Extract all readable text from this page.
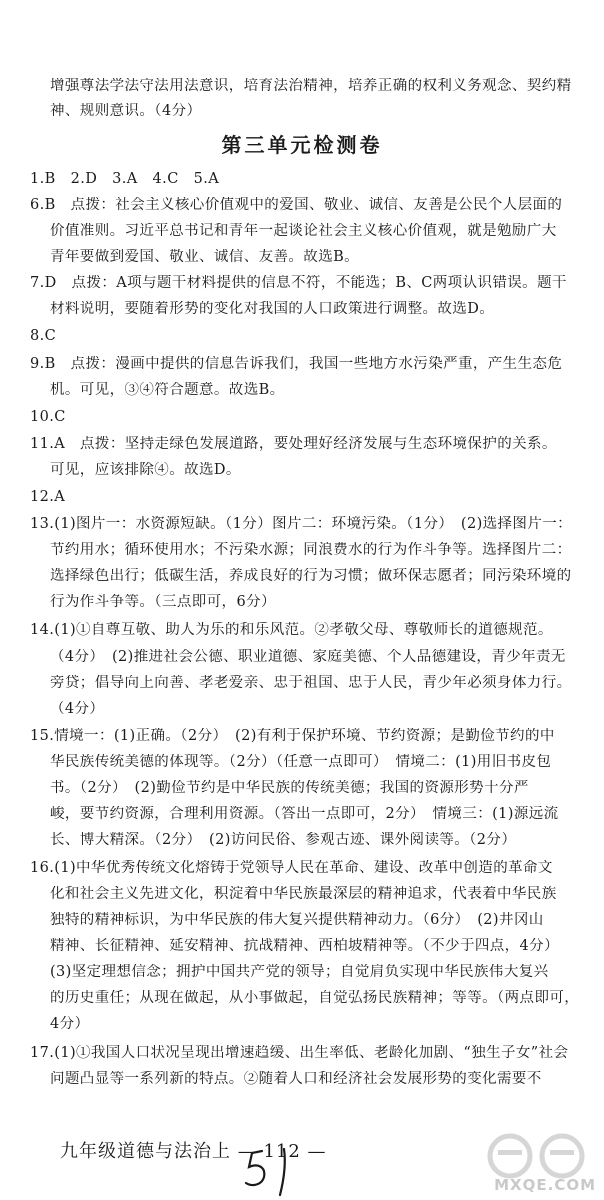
第三单元检测卷
增强尊法学法守法用法意识，培育法治精神，培养正确的权利义务观念、契约精
神、规则意识。（4分）
1.B　2.D　3.A　4.C　5.A
6.B　点拨：社会主义核心价值观中的爱国、敬业、诚信、友善是公民个人层面的
价值准则。习近平总书记和青年一起谈论社会主义核心价值观，就是勉励广大
青年要做到爱国、敬业、诚信、友善。故选B。
7.D　点拨：A项与题干材料提供的信息不符，不能选；B、C两项认识错误。题干
材料说明，要随着形势的变化对我国的人口政策进行调整。故选D。
8.C
9.B　点拨：漫画中提供的信息告诉我们，我国一些地方水污染严重，产生生态危
机。可见，③④符合题意。故选B。
10.C
11.A　点拨：坚持走绿色发展道路，要处理好经济发展与生态环境保护的关系。
可见，应该排除④。故选D。
12.A
13.(1)图片一：水资源短缺。（1分）图片二：环境污染。（1分）　(2)选择图片一：
节约用水；循环使用水；不污染水源；同浪费水的行为作斗争等。选择图片二：
选择绿色出行；低碳生活，养成良好的行为习惯；做环保志愿者；同污染环境的
行为作斗争等。（三点即可，6分）
14.(1)①自尊互敬、助人为乐的和乐风范。②孝敬父母、尊敬师长的道德规范。
（4分）　(2)推进社会公德、职业道德、家庭美德、个人品德建设，青少年责无
旁贷；倡导向上向善、孝老爱亲、忠于祖国、忠于人民，青少年必须身体力行。
（4分）
15.情境一：(1)正确。（2分）　(2)有利于保护环境、节约资源；是勤俭节约的中
华民族传统美德的体现等。（2分）（任意一点即可）　情境二：(1)用旧书皮包
书。（2分）　(2)勤俭节约是中华民族的传统美德；我国的资源形势十分严
峻，要节约资源，合理利用资源。（答出一点即可，2分）　情境三：(1)源远流
长、博大精深。（2分）　(2)访问民俗、参观古迹、课外阅读等。（2分）
16.(1)中华优秀传统文化熔铸于党领导人民在革命、建设、改革中创造的革命文
化和社会主义先进文化，积淀着中华民族最深层的精神追求，代表着中华民族
独特的精神标识，为中华民族的伟大复兴提供精神动力。（6分）　(2)井冈山
精神、长征精神、延安精神、抗战精神、西柏坡精神等。（不少于四点，4分）
(3)坚定理想信念；拥护中国共产党的领导；自觉肩负实现中华民族伟大复兴
的历史重任；从现在做起，从小事做起，自觉弘扬民族精神；等等。（两点即可，
4分）
17.(1)①我国人口状况呈现出增速趋缓、出生率低、老龄化加剧、“独生子女”社会
问题凸显等一系列新的特点。②随着人口和经济社会发展形势的变化需要不
九年级道德与法治上 — 112 —
MXQE.COM
